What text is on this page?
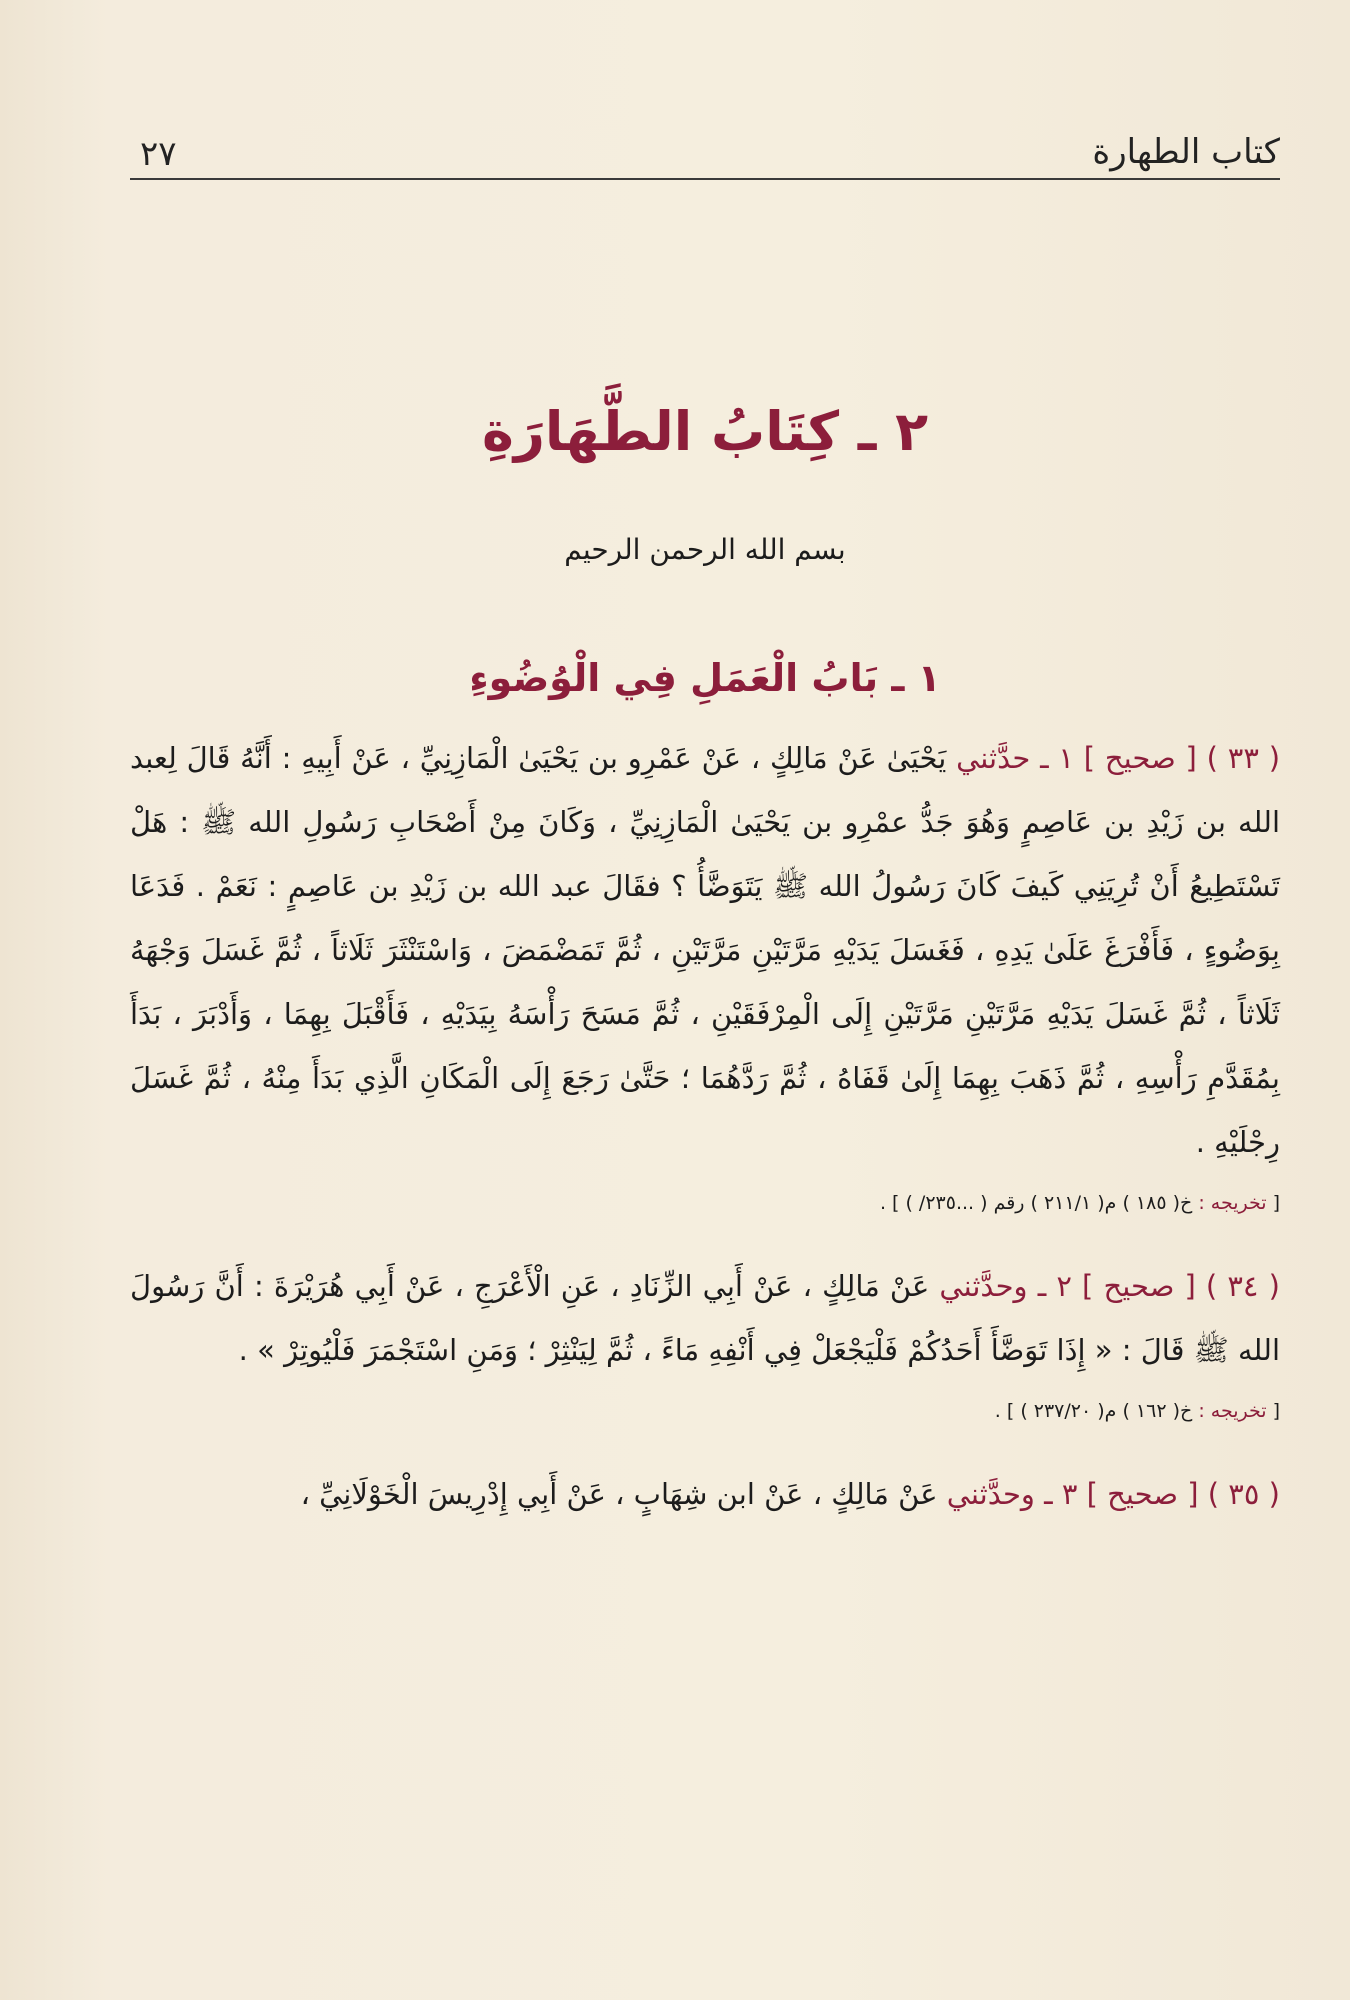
كتاب الطهارة
٢٧
٢ ـ كِتَابُ الطَّهَارَةِ
بسم الله الرحمن الرحيم
١ ـ بَابُ الْعَمَلِ فِي الْوُضُوءِ
( ٣٣ ) [ صحيح ] ١ ـ حدَّثني يَحْيَىٰ عَنْ مَالِكٍ ، عَنْ عَمْرِو بن يَحْيَىٰ الْمَازِنِيِّ ، عَنْ أَبِيهِ : أَنَّهُ قَالَ لِعبد الله بن زَيْدِ بن عَاصِمٍ وَهُوَ جَدُّ عمْرِو بن يَحْيَىٰ الْمَازِنِيِّ ، وَكَانَ مِنْ أَصْحَابِ رَسُولِ الله ﷺ : هَلْ تَسْتَطِيعُ أَنْ تُرِيَنِي كَيفَ كَانَ رَسُولُ الله ﷺ يَتَوَضَّأُ ؟ فقَالَ عبد الله بن زَيْدِ بن عَاصِمٍ : نَعَمْ . فَدَعَا بِوَضُوءٍ ، فَأَفْرَغَ عَلَىٰ يَدِهِ ، فَغَسَلَ يَدَيْهِ مَرَّتَيْنِ مَرَّتَيْنِ ، ثُمَّ تَمَضْمَضَ ، وَاسْتَنْثَرَ ثَلَاثاً ، ثُمَّ غَسَلَ وَجْهَهُ ثَلَاثاً ، ثُمَّ غَسَلَ يَدَيْهِ مَرَّتَيْنِ مَرَّتَيْنِ إِلَى الْمِرْفَقَيْنِ ، ثُمَّ مَسَحَ رَأْسَهُ بِيَدَيْهِ ، فَأَقْبَلَ بِهِمَا ، وَأَدْبَرَ ، بَدَأَ بِمُقَدَّمِ رَأْسِهِ ، ثُمَّ ذَهَبَ بِهِمَا إِلَىٰ قَفَاهُ ، ثُمَّ رَدَّهُمَا ؛ حَتَّىٰ رَجَعَ إِلَى الْمَكَانِ الَّذِي بَدَأَ مِنْهُ ، ثُمَّ غَسَلَ رِجْلَيْهِ .
[ تخريجه : خ( ١٨٥ ) م( ٢١١/١ ) رقم ( ...٢٣٥/ ) ] .
( ٣٤ ) [ صحيح ] ٢ ـ وحدَّثني عَنْ مَالِكٍ ، عَنْ أَبِي الزِّنَادِ ، عَنِ الْأَعْرَجِ ، عَنْ أَبِي هُرَيْرَةَ : أَنَّ رَسُولَ الله ﷺ قَالَ : « إِذَا تَوَضَّأَ أَحَدُكُمْ فَلْيَجْعَلْ فِي أَنْفِهِ مَاءً ، ثُمَّ لِيَنْثِرْ ؛ وَمَنِ اسْتَجْمَرَ فَلْيُوتِرْ » .
[ تخريجه : خ( ١٦٢ ) م( ٢٣٧/٢٠ ) ] .
( ٣٥ ) [ صحيح ] ٣ ـ وحدَّثني عَنْ مَالِكٍ ، عَنْ ابن شِهَابٍ ، عَنْ أَبِي إِدْرِيسَ الْخَوْلَانِيِّ ،
